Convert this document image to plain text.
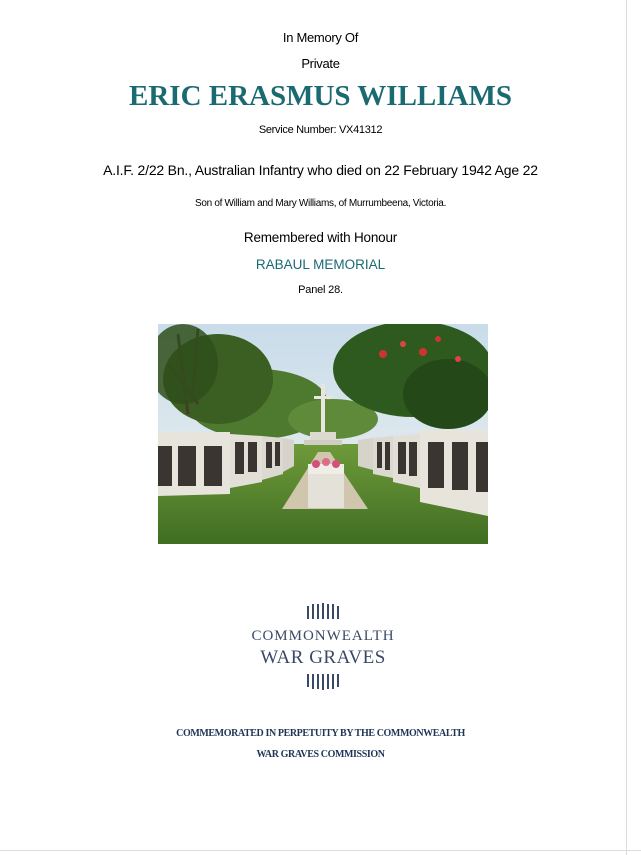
In Memory Of
Private
ERIC ERASMUS WILLIAMS
Service Number: VX41312
A.I.F. 2/22 Bn., Australian Infantry who died on 22 February 1942 Age 22
Son of William and Mary Williams, of Murrumbeena, Victoria.
Remembered with Honour
RABAUL MEMORIAL
Panel 28.
COMMONWEALTH
WAR GRAVES
COMMEMORATED IN PERPETUITY BY THE COMMONWEALTH
WAR GRAVES COMMISSION
